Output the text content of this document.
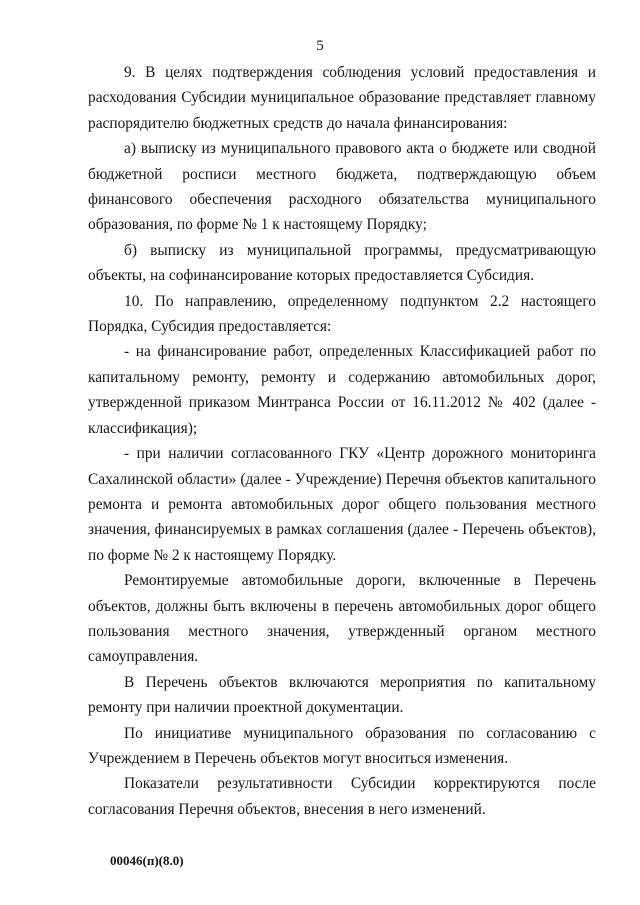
5

9. В целях подтверждения соблюдения условий предоставления и расходования Субсидии муниципальное образование представляет главному распорядителю бюджетных средств до начала финансирования:

а) выписку из муниципального правового акта о бюджете или сводной бюджетной росписи местного бюджета, подтверждающую объем финансового обеспечения расходного обязательства муниципального образования, по форме № 1 к настоящему Порядку;

б) выписку из муниципальной программы, предусматривающую объекты, на софинансирование которых предоставляется Субсидия.

10. По направлению, определенному подпунктом 2.2 настоящего Порядка, Субсидия предоставляется:

- на финансирование работ, определенных Классификацией работ по капитальному ремонту, ремонту и содержанию автомобильных дорог, утвержденной приказом Минтранса России от 16.11.2012 № 402 (далее - классификация);

- при наличии согласованного ГКУ «Центр дорожного мониторинга Сахалинской области» (далее - Учреждение) Перечня объектов капитального ремонта и ремонта автомобильных дорог общего пользования местного значения, финансируемых в рамках соглашения (далее - Перечень объектов), по форме № 2 к настоящему Порядку.

Ремонтируемые автомобильные дороги, включенные в Перечень объектов, должны быть включены в перечень автомобильных дорог общего пользования местного значения, утвержденный органом местного самоуправления.

В Перечень объектов включаются мероприятия по капитальному ремонту при наличии проектной документации.

По инициативе муниципального образования по согласованию с Учреждением в Перечень объектов могут вноситься изменения.

Показатели результативности Субсидии корректируются после согласования Перечня объектов, внесения в него изменений.

00046(п)(8.0)
